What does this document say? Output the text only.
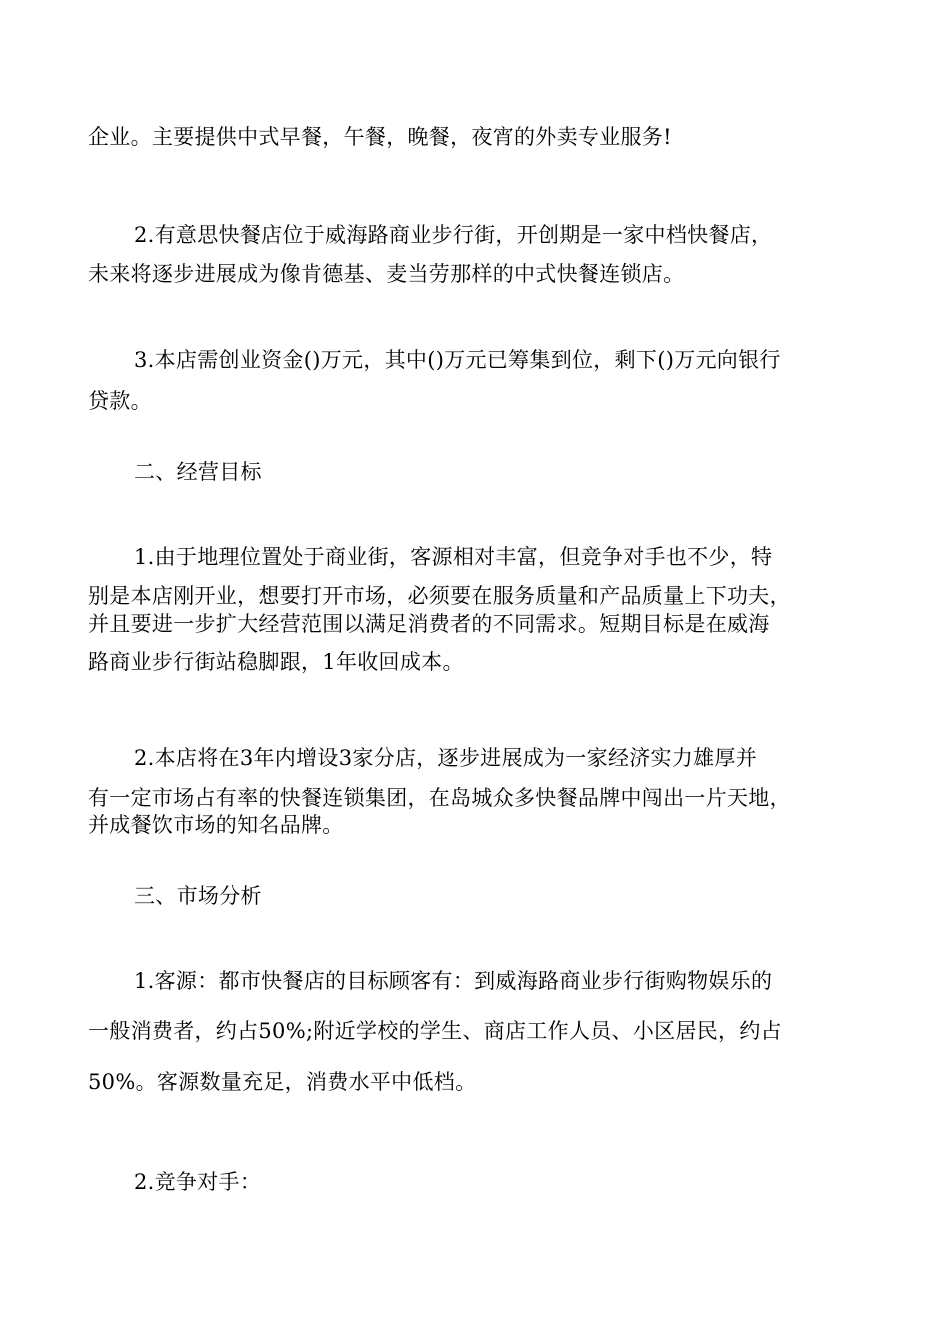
企业。主要提供中式早餐，午餐，晚餐，夜宵的外卖专业服务!
2.有意思快餐店位于威海路商业步行街，开创期是一家中档快餐店，
未来将逐步进展成为像肯德基、麦当劳那样的中式快餐连锁店。
3.本店需创业资金()万元，其中()万元已筹集到位，剩下()万元向银行
贷款。
二、经营目标
1.由于地理位置处于商业街，客源相对丰富，但竞争对手也不少，特
别是本店刚开业，想要打开市场，必须要在服务质量和产品质量上下功夫，
并且要进一步扩大经营范围以满足消费者的不同需求。短期目标是在威海
路商业步行街站稳脚跟，1年收回成本。
2.本店将在3年内增设3家分店，逐步进展成为一家经济实力雄厚并
有一定市场占有率的快餐连锁集团，在岛城众多快餐品牌中闯出一片天地，
并成餐饮市场的知名品牌。
三、市场分析
1.客源：都市快餐店的目标顾客有：到威海路商业步行街购物娱乐的
一般消费者，约占50%;附近学校的学生、商店工作人员、小区居民，约占
50%。客源数量充足，消费水平中低档。
2.竞争对手：
